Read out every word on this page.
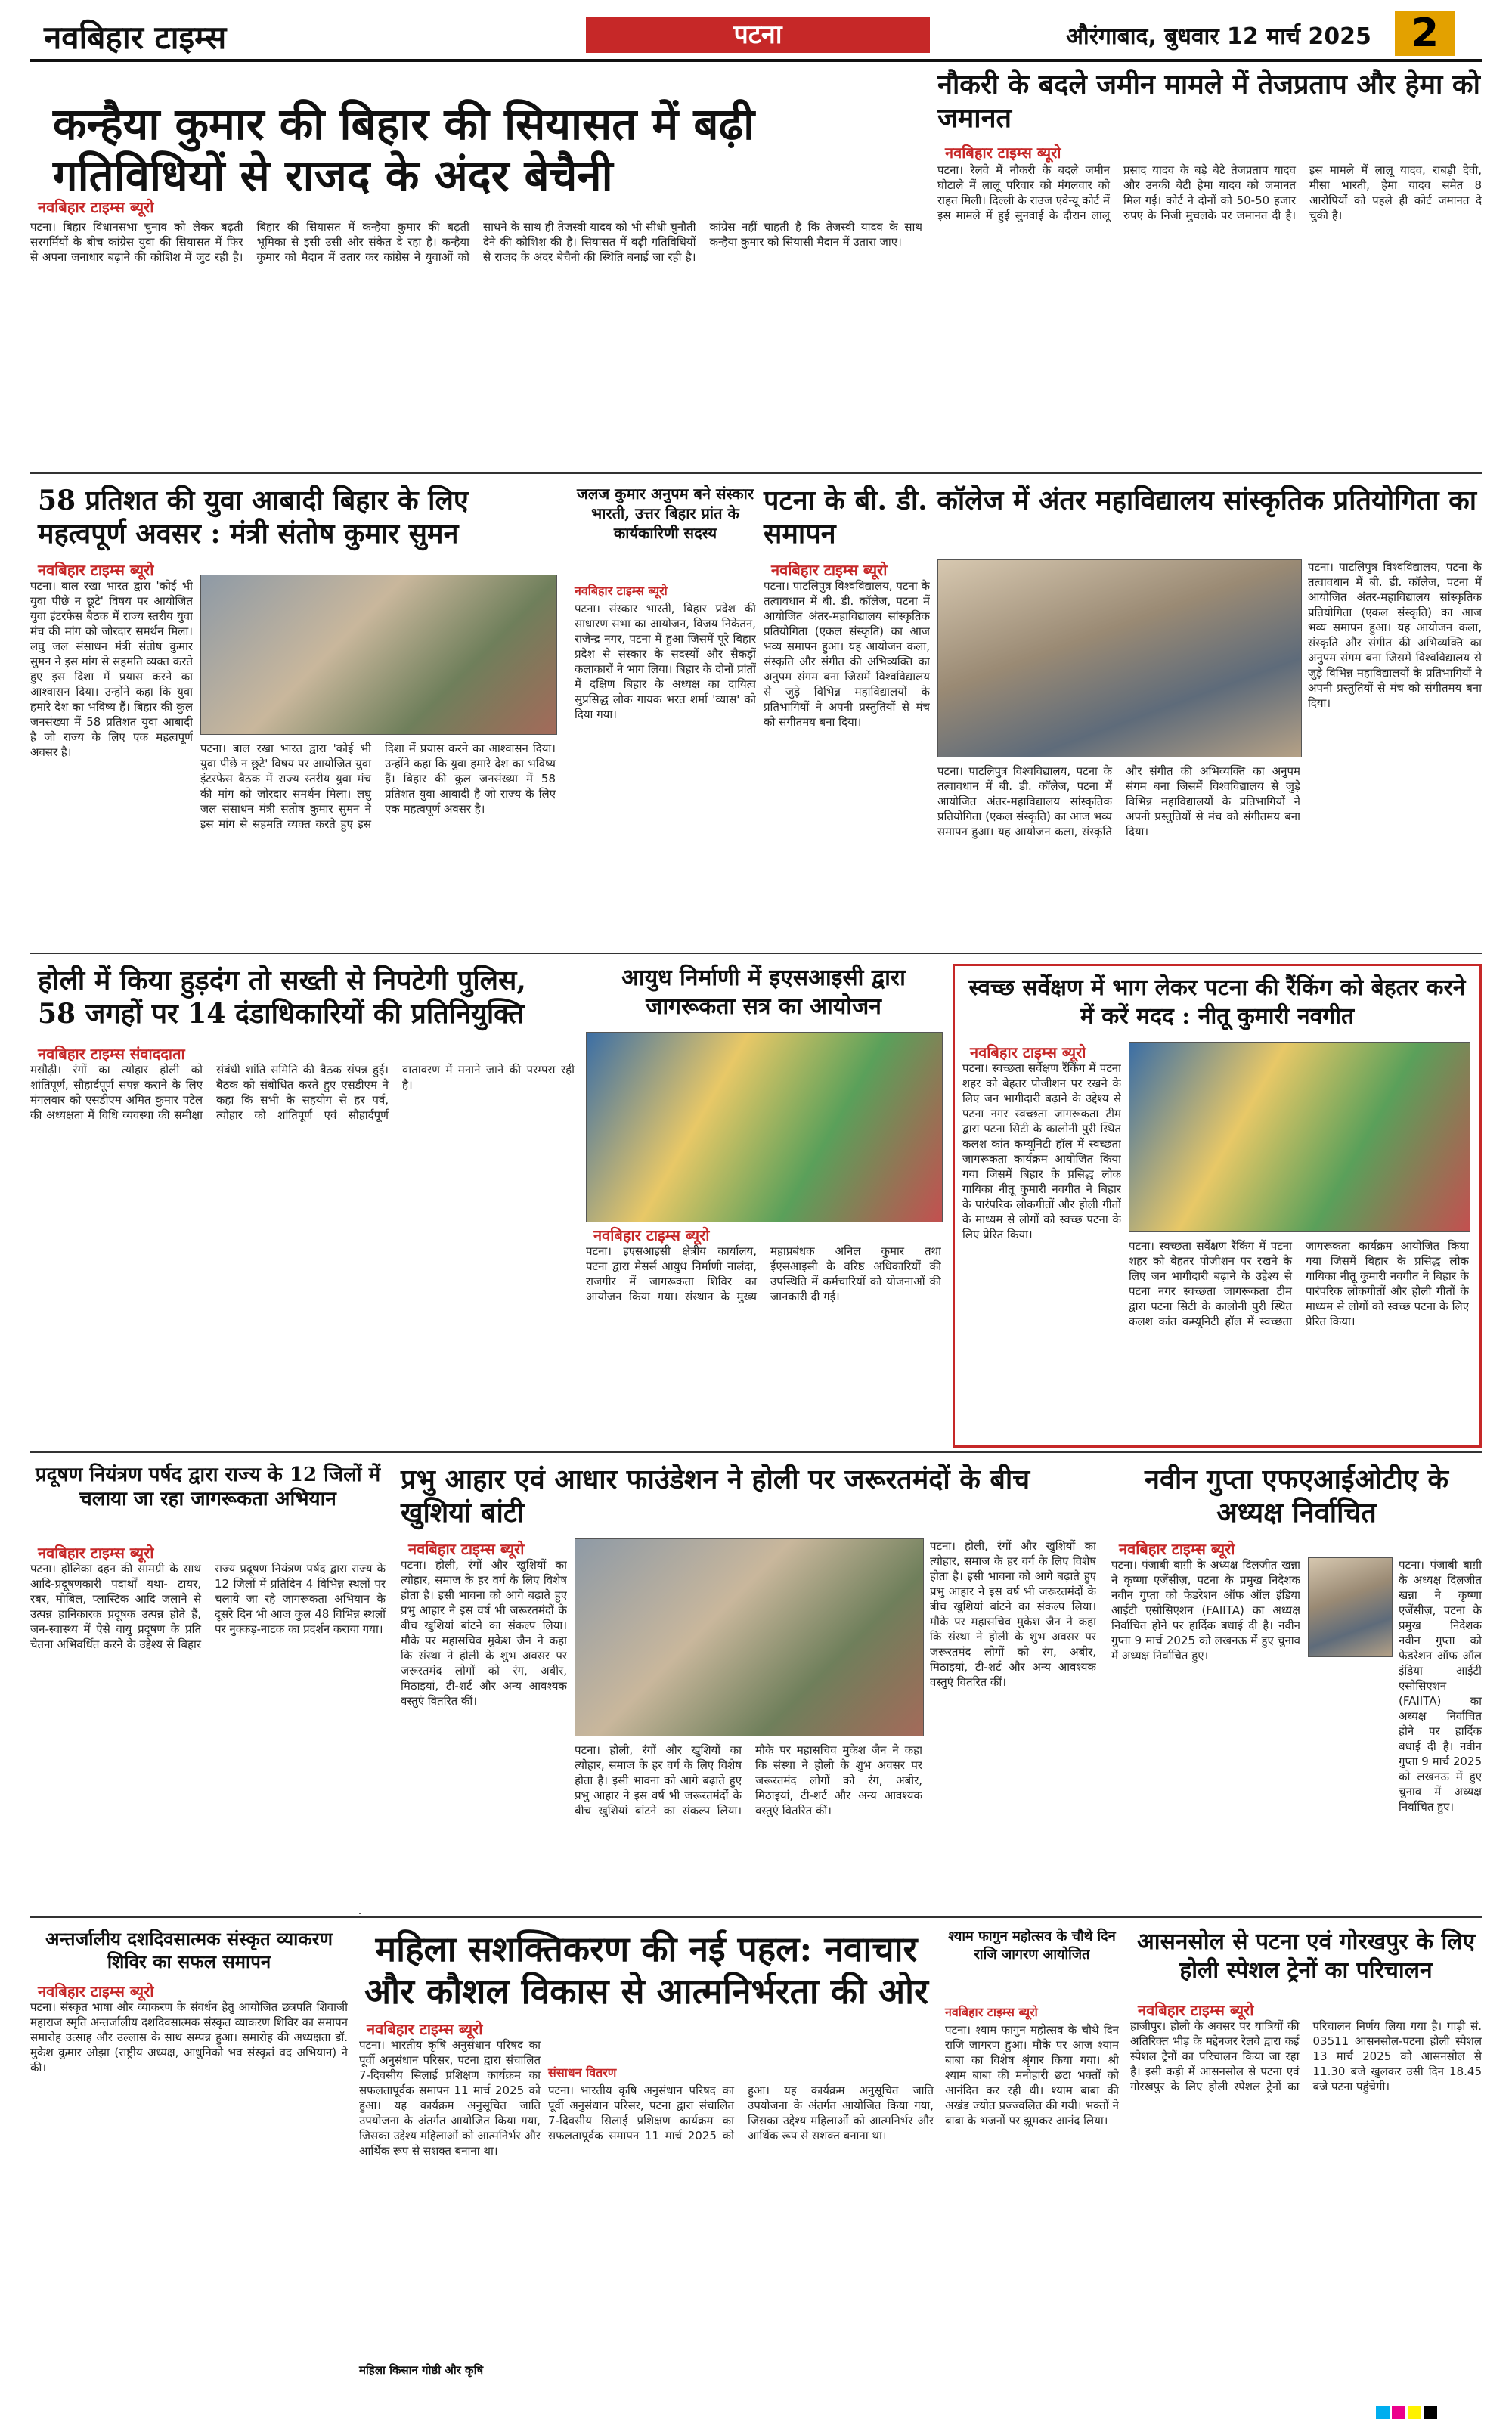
नवबिहार टाइम्स	पटना	औरंगाबाद, बुधवार 12 मार्च 2025	2
कन्हैया कुमार की बिहार की सियासत में बढ़ी गतिविधियों से राजद के अंदर बेचैनी
नवबिहार टाइम्स ब्यूरो
पटना। बिहार विधानसभा चुनाव को लेकर बढ़ती सरगर्मियों के बीच कांग्रेस युवा की सियासत में फिर से अपना जनाधार बढ़ाने की कोशिश में जुट रही है। बिहार की सियासत में कन्हैया कुमार की बढ़ती भूमिका से इसी उसी ओर संकेत दे रहा है। कन्हैया कुमार को मैदान में उतार कर कांग्रेस ने युवाओं को साधने के साथ ही तेजस्वी यादव को भी सीधी चुनौती देने की कोशिश की है। सियासत में बढ़ी गतिविधियों से राजद के अंदर बेचैनी की स्थिति बनाई जा रही है। कांग्रेस नहीं चाहती है कि तेजस्वी यादव के साथ कन्हैया कुमार को सियासी मैदान में उतारा जाए।
नौकरी के बदले जमीन मामले में तेजप्रताप और हेमा को जमानत
नवबिहार टाइम्स ब्यूरो
पटना। रेलवे में नौकरी के बदले जमीन घोटाले में लालू परिवार को मंगलवार को राहत मिली। दिल्ली के राउज एवेन्यू कोर्ट में इस मामले में हुई सुनवाई के दौरान लालू प्रसाद यादव के बड़े बेटे तेजप्रताप यादव और उनकी बेटी हेमा यादव को जमानत मिल गई। कोर्ट ने दोनों को 50-50 हजार रुपए के निजी मुचलके पर जमानत दी है। इस मामले में लालू यादव, राबड़ी देवी, मीसा भारती, हेमा यादव समेत 8 आरोपियों को पहले ही कोर्ट जमानत दे चुकी है।
58 प्रतिशत की युवा आबादी बिहार के लिए महत्वपूर्ण अवसर : मंत्री संतोष कुमार सुमन
नवबिहार टाइम्स ब्यूरो
पटना। बाल रखा भारत द्वारा 'कोई भी युवा पीछे न छूटे' विषय पर आयोजित युवा इंटरफेस बैठक में राज्य स्तरीय युवा मंच की मांग को जोरदार समर्थन मिला। लघु जल संसाधन मंत्री संतोष कुमार सुमन ने इस मांग से सहमति व्यक्त करते हुए इस दिशा में प्रयास करने का आश्वासन दिया। उन्होंने कहा कि युवा हमारे देश का भविष्य हैं। बिहार की कुल जनसंख्या में 58 प्रतिशत युवा आबादी है जो राज्य के लिए एक महत्वपूर्ण अवसर है।	पटना। बाल रखा भारत द्वारा 'कोई भी युवा पीछे न छूटे' विषय पर आयोजित युवा इंटरफेस बैठक में राज्य स्तरीय युवा मंच की मांग को जोरदार समर्थन मिला। लघु जल संसाधन मंत्री संतोष कुमार सुमन ने इस मांग से सहमति व्यक्त करते हुए इस दिशा में प्रयास करने का आश्वासन दिया। उन्होंने कहा कि युवा हमारे देश का भविष्य हैं। बिहार की कुल जनसंख्या में 58 प्रतिशत युवा आबादी है जो राज्य के लिए एक महत्वपूर्ण अवसर है।
जलज कुमार अनुपम बने संस्कार भारती, उत्तर बिहार प्रांत के कार्यकारिणी सदस्य
नवबिहार टाइम्स ब्यूरो
पटना। संस्कार भारती, बिहार प्रदेश की साधारण सभा का आयोजन, विजय निकेतन, राजेन्द्र नगर, पटना में हुआ जिसमें पूरे बिहार प्रदेश से संस्कार के सदस्यों और सैकड़ों कलाकारों ने भाग लिया। बिहार के दोनों प्रांतों में दक्षिण बिहार के अध्यक्ष का दायित्व सुप्रसिद्ध लोक गायक भरत शर्मा 'व्यास' को दिया गया।
पटना के बी. डी. कॉलेज में अंतर महाविद्यालय सांस्कृतिक प्रतियोगिता का समापन
नवबिहार टाइम्स ब्यूरो
पटना। पाटलिपुत्र विश्वविद्यालय, पटना के तत्वावधान में बी. डी. कॉलेज, पटना में आयोजित अंतर-महाविद्यालय सांस्कृतिक प्रतियोगिता (एकल संस्कृति) का आज भव्य समापन हुआ। यह आयोजन कला, संस्कृति और संगीत की अभिव्यक्ति का अनुपम संगम बना जिसमें विश्वविद्यालय से जुड़े विभिन्न महाविद्यालयों के प्रतिभागियों ने अपनी प्रस्तुतियों से मंच को संगीतमय बना दिया।
पटना। पाटलिपुत्र विश्वविद्यालय, पटना के तत्वावधान में बी. डी. कॉलेज, पटना में आयोजित अंतर-महाविद्यालय सांस्कृतिक प्रतियोगिता (एकल संस्कृति) का आज भव्य समापन हुआ। यह आयोजन कला, संस्कृति और संगीत की अभिव्यक्ति का अनुपम संगम बना जिसमें विश्वविद्यालय से जुड़े विभिन्न महाविद्यालयों के प्रतिभागियों ने अपनी प्रस्तुतियों से मंच को संगीतमय बना दिया।
पटना। पाटलिपुत्र विश्वविद्यालय, पटना के तत्वावधान में बी. डी. कॉलेज, पटना में आयोजित अंतर-महाविद्यालय सांस्कृतिक प्रतियोगिता (एकल संस्कृति) का आज भव्य समापन हुआ। यह आयोजन कला, संस्कृति और संगीत की अभिव्यक्ति का अनुपम संगम बना जिसमें विश्वविद्यालय से जुड़े विभिन्न महाविद्यालयों के प्रतिभागियों ने अपनी प्रस्तुतियों से मंच को संगीतमय बना दिया।
होली में किया हुड़दंग तो सख्ती से निपटेगी पुलिस, 58 जगहों पर 14 दंडाधिकारियों की प्रतिनियुक्ति
नवबिहार टाइम्स संवाददाता
मसौढ़ी। रंगों का त्योहार होली को शांतिपूर्ण, सौहार्दपूर्ण संपन्न कराने के लिए मंगलवार को एसडीएम अमित कुमार पटेल की अध्यक्षता में विधि व्यवस्था की समीक्षा संबंधी शांति समिति की बैठक संपन्न हुई। बैठक को संबोधित करते हुए एसडीएम ने कहा कि सभी के सहयोग से हर पर्व, त्योहार को शांतिपूर्ण एवं सौहार्दपूर्ण वातावरण में मनाने जाने की परम्परा रही है।
आयुध निर्माणी में इएसआइसी द्वारा जागरूकता सत्र का आयोजन
नवबिहार टाइम्स ब्यूरो
पटना। इएसआइसी क्षेत्रीय कार्यालय, पटना द्वारा मेसर्स आयुध निर्माणी नालंदा, राजगीर में जागरूकता शिविर का आयोजन किया गया। संस्थान के मुख्य महाप्रबंधक अनिल कुमार तथा ईएसआइसी के वरिष्ठ अधिकारियों की उपस्थिति में कर्मचारियों को योजनाओं की जानकारी दी गई।
स्वच्छ सर्वेक्षण में भाग लेकर पटना की रैंकिंग को बेहतर करने में करें मदद : नीतू कुमारी नवगीत
नवबिहार टाइम्स ब्यूरो
पटना। स्वच्छता सर्वेक्षण रैंकिंग में पटना शहर को बेहतर पोजीशन पर रखने के लिए जन भागीदारी बढ़ाने के उद्देश्य से पटना नगर स्वच्छता जागरूकता टीम द्वारा पटना सिटी के कालोनी पुरी स्थित कलश कांत कम्यूनिटी हॉल में स्वच्छता जागरूकता कार्यक्रम आयोजित किया गया जिसमें बिहार के प्रसिद्ध लोक गायिका नीतू कुमारी नवगीत ने बिहार के पारंपरिक लोकगीतों और होली गीतों के माध्यम से लोगों को स्वच्छ पटना के लिए प्रेरित किया।
पटना। स्वच्छता सर्वेक्षण रैंकिंग में पटना शहर को बेहतर पोजीशन पर रखने के लिए जन भागीदारी बढ़ाने के उद्देश्य से पटना नगर स्वच्छता जागरूकता टीम द्वारा पटना सिटी के कालोनी पुरी स्थित कलश कांत कम्यूनिटी हॉल में स्वच्छता जागरूकता कार्यक्रम आयोजित किया गया जिसमें बिहार के प्रसिद्ध लोक गायिका नीतू कुमारी नवगीत ने बिहार के पारंपरिक लोकगीतों और होली गीतों के माध्यम से लोगों को स्वच्छ पटना के लिए प्रेरित किया।
प्रदूषण नियंत्रण पर्षद द्वारा राज्य के 12 जिलों में चलाया जा रहा जागरूकता अभियान
नवबिहार टाइम्स ब्यूरो
पटना। होलिका दहन की सामग्री के साथ आदि-प्रदूषणकारी पदार्थों यथा- टायर, रबर, मोबिल, प्लास्टिक आदि जलाने से उत्पन्न हानिकारक प्रदूषक उत्पन्न होते हैं, जन-स्वास्थ्य में ऐसे वायु प्रदूषण के प्रति चेतना अभिवर्धित करने के उद्देश्य से बिहार राज्य प्रदूषण नियंत्रण पर्षद द्वारा राज्य के 12 जिलों में प्रतिदिन 4 विभिन्न स्थलों पर चलाये जा रहे जागरूकता अभियान के दूसरे दिन भी आज कुल 48 विभिन्न स्थलों पर नुक्कड़-नाटक का प्रदर्शन कराया गया।
प्रभु आहार एवं आधार फाउंडेशन ने होली पर जरूरतमंदों के बीच खुशियां बांटी
नवबिहार टाइम्स ब्यूरो
पटना। होली, रंगों और खुशियों का त्योहार, समाज के हर वर्ग के लिए विशेष होता है। इसी भावना को आगे बढ़ाते हुए प्रभु आहार ने इस वर्ष भी जरूरतमंदों के बीच खुशियां बांटने का संकल्प लिया। मौके पर महासचिव मुकेश जैन ने कहा कि संस्था ने होली के शुभ अवसर पर जरूरतमंद लोगों को रंग, अबीर, मिठाइयां, टी-शर्ट और अन्य आवश्यक वस्तुएं वितरित कीं।
पटना। होली, रंगों और खुशियों का त्योहार, समाज के हर वर्ग के लिए विशेष होता है। इसी भावना को आगे बढ़ाते हुए प्रभु आहार ने इस वर्ष भी जरूरतमंदों के बीच खुशियां बांटने का संकल्प लिया। मौके पर महासचिव मुकेश जैन ने कहा कि संस्था ने होली के शुभ अवसर पर जरूरतमंद लोगों को रंग, अबीर, मिठाइयां, टी-शर्ट और अन्य आवश्यक वस्तुएं वितरित कीं।
पटना। होली, रंगों और खुशियों का त्योहार, समाज के हर वर्ग के लिए विशेष होता है। इसी भावना को आगे बढ़ाते हुए प्रभु आहार ने इस वर्ष भी जरूरतमंदों के बीच खुशियां बांटने का संकल्प लिया। मौके पर महासचिव मुकेश जैन ने कहा कि संस्था ने होली के शुभ अवसर पर जरूरतमंद लोगों को रंग, अबीर, मिठाइयां, टी-शर्ट और अन्य आवश्यक वस्तुएं वितरित कीं।
नवीन गुप्ता एफएआईओटीए के अध्यक्ष निर्वाचित
नवबिहार टाइम्स ब्यूरो
पटना। पंजाबी बाग़ी के अध्यक्ष दिलजीत खन्ना ने कृष्णा एजेंसीज़, पटना के प्रमुख निदेशक नवीन गुप्ता को फेडरेशन ऑफ ऑल इंडिया आईटी एसोसिएशन (FAIITA) का अध्यक्ष निर्वाचित होने पर हार्दिक बधाई दी है। नवीन गुप्ता 9 मार्च 2025 को लखनऊ में हुए चुनाव में अध्यक्ष निर्वाचित हुए।
पटना। पंजाबी बाग़ी के अध्यक्ष दिलजीत खन्ना ने कृष्णा एजेंसीज़, पटना के प्रमुख निदेशक नवीन गुप्ता को फेडरेशन ऑफ ऑल इंडिया आईटी एसोसिएशन (FAIITA) का अध्यक्ष निर्वाचित होने पर हार्दिक बधाई दी है। नवीन गुप्ता 9 मार्च 2025 को लखनऊ में हुए चुनाव में अध्यक्ष निर्वाचित हुए।
अन्तर्जालीय दशदिवसात्मक संस्कृत व्याकरण शिविर का सफल समापन
नवबिहार टाइम्स ब्यूरो
पटना। संस्कृत भाषा और व्याकरण के संवर्धन हेतु आयोजित छत्रपति शिवाजी महाराज स्मृति अन्तर्जालीय दशदिवसात्मक संस्कृत व्याकरण शिविर का समापन समारोह उत्साह और उल्लास के साथ सम्पन्न हुआ। समारोह की अध्यक्षता डॉ. मुकेश कुमार ओझा (राष्ट्रीय अध्यक्ष, आधुनिको भव संस्कृतं वद अभियान) ने की।
महिला सशक्तिकरण की नई पहल: नवाचार और कौशल विकास से आत्मनिर्भरता की ओर
नवबिहार टाइम्स ब्यूरो
पटना। भारतीय कृषि अनुसंधान परिषद का पूर्वी अनुसंधान परिसर, पटना द्वारा संचालित 7-दिवसीय सिलाई प्रशिक्षण कार्यक्रम का सफलतापूर्वक समापन 11 मार्च 2025 को हुआ। यह कार्यक्रम अनुसूचित जाति उपयोजना के अंतर्गत आयोजित किया गया, जिसका उद्देश्य महिलाओं को आत्मनिर्भर और आर्थिक रूप से सशक्त बनाना था।
संसाधन वितरण
पटना। भारतीय कृषि अनुसंधान परिषद का पूर्वी अनुसंधान परिसर, पटना द्वारा संचालित 7-दिवसीय सिलाई प्रशिक्षण कार्यक्रम का सफलतापूर्वक समापन 11 मार्च 2025 को हुआ। यह कार्यक्रम अनुसूचित जाति उपयोजना के अंतर्गत आयोजित किया गया, जिसका उद्देश्य महिलाओं को आत्मनिर्भर और आर्थिक रूप से सशक्त बनाना था।
महिला किसान गोष्ठी और कृषि
श्याम फागुन महोत्सव के चौथे दिन राजि जागरण आयोजित
नवबिहार टाइम्स ब्यूरो
पटना। श्याम फागुन महोत्सव के चौथे दिन राजि जागरण हुआ। मौके पर आज श्याम बाबा का विशेष श्रृंगार किया गया। श्री श्याम बाबा की मनोहारी छटा भक्तों को आनंदित कर रही थी। श्याम बाबा की अखंड ज्योत प्रज्ज्वलित की गयी। भक्तों ने बाबा के भजनों पर झूमकर आनंद लिया।
आसनसोल से पटना एवं गोरखपुर के लिए होली स्पेशल ट्रेनों का परिचालन
नवबिहार टाइम्स ब्यूरो
हाजीपुर। होली के अवसर पर यात्रियों की अतिरिक्त भीड़ के मद्देनजर रेलवे द्वारा कई स्पेशल ट्रेनों का परिचालन किया जा रहा है। इसी कड़ी में आसनसोल से पटना एवं गोरखपुर के लिए होली स्पेशल ट्रेनों का परिचालन निर्णय लिया गया है। गाड़ी सं. 03511 आसनसोल-पटना होली स्पेशल 13 मार्च 2025 को आसनसोल से 11.30 बजे खुलकर उसी दिन 18.45 बजे पटना पहुंचेगी।
